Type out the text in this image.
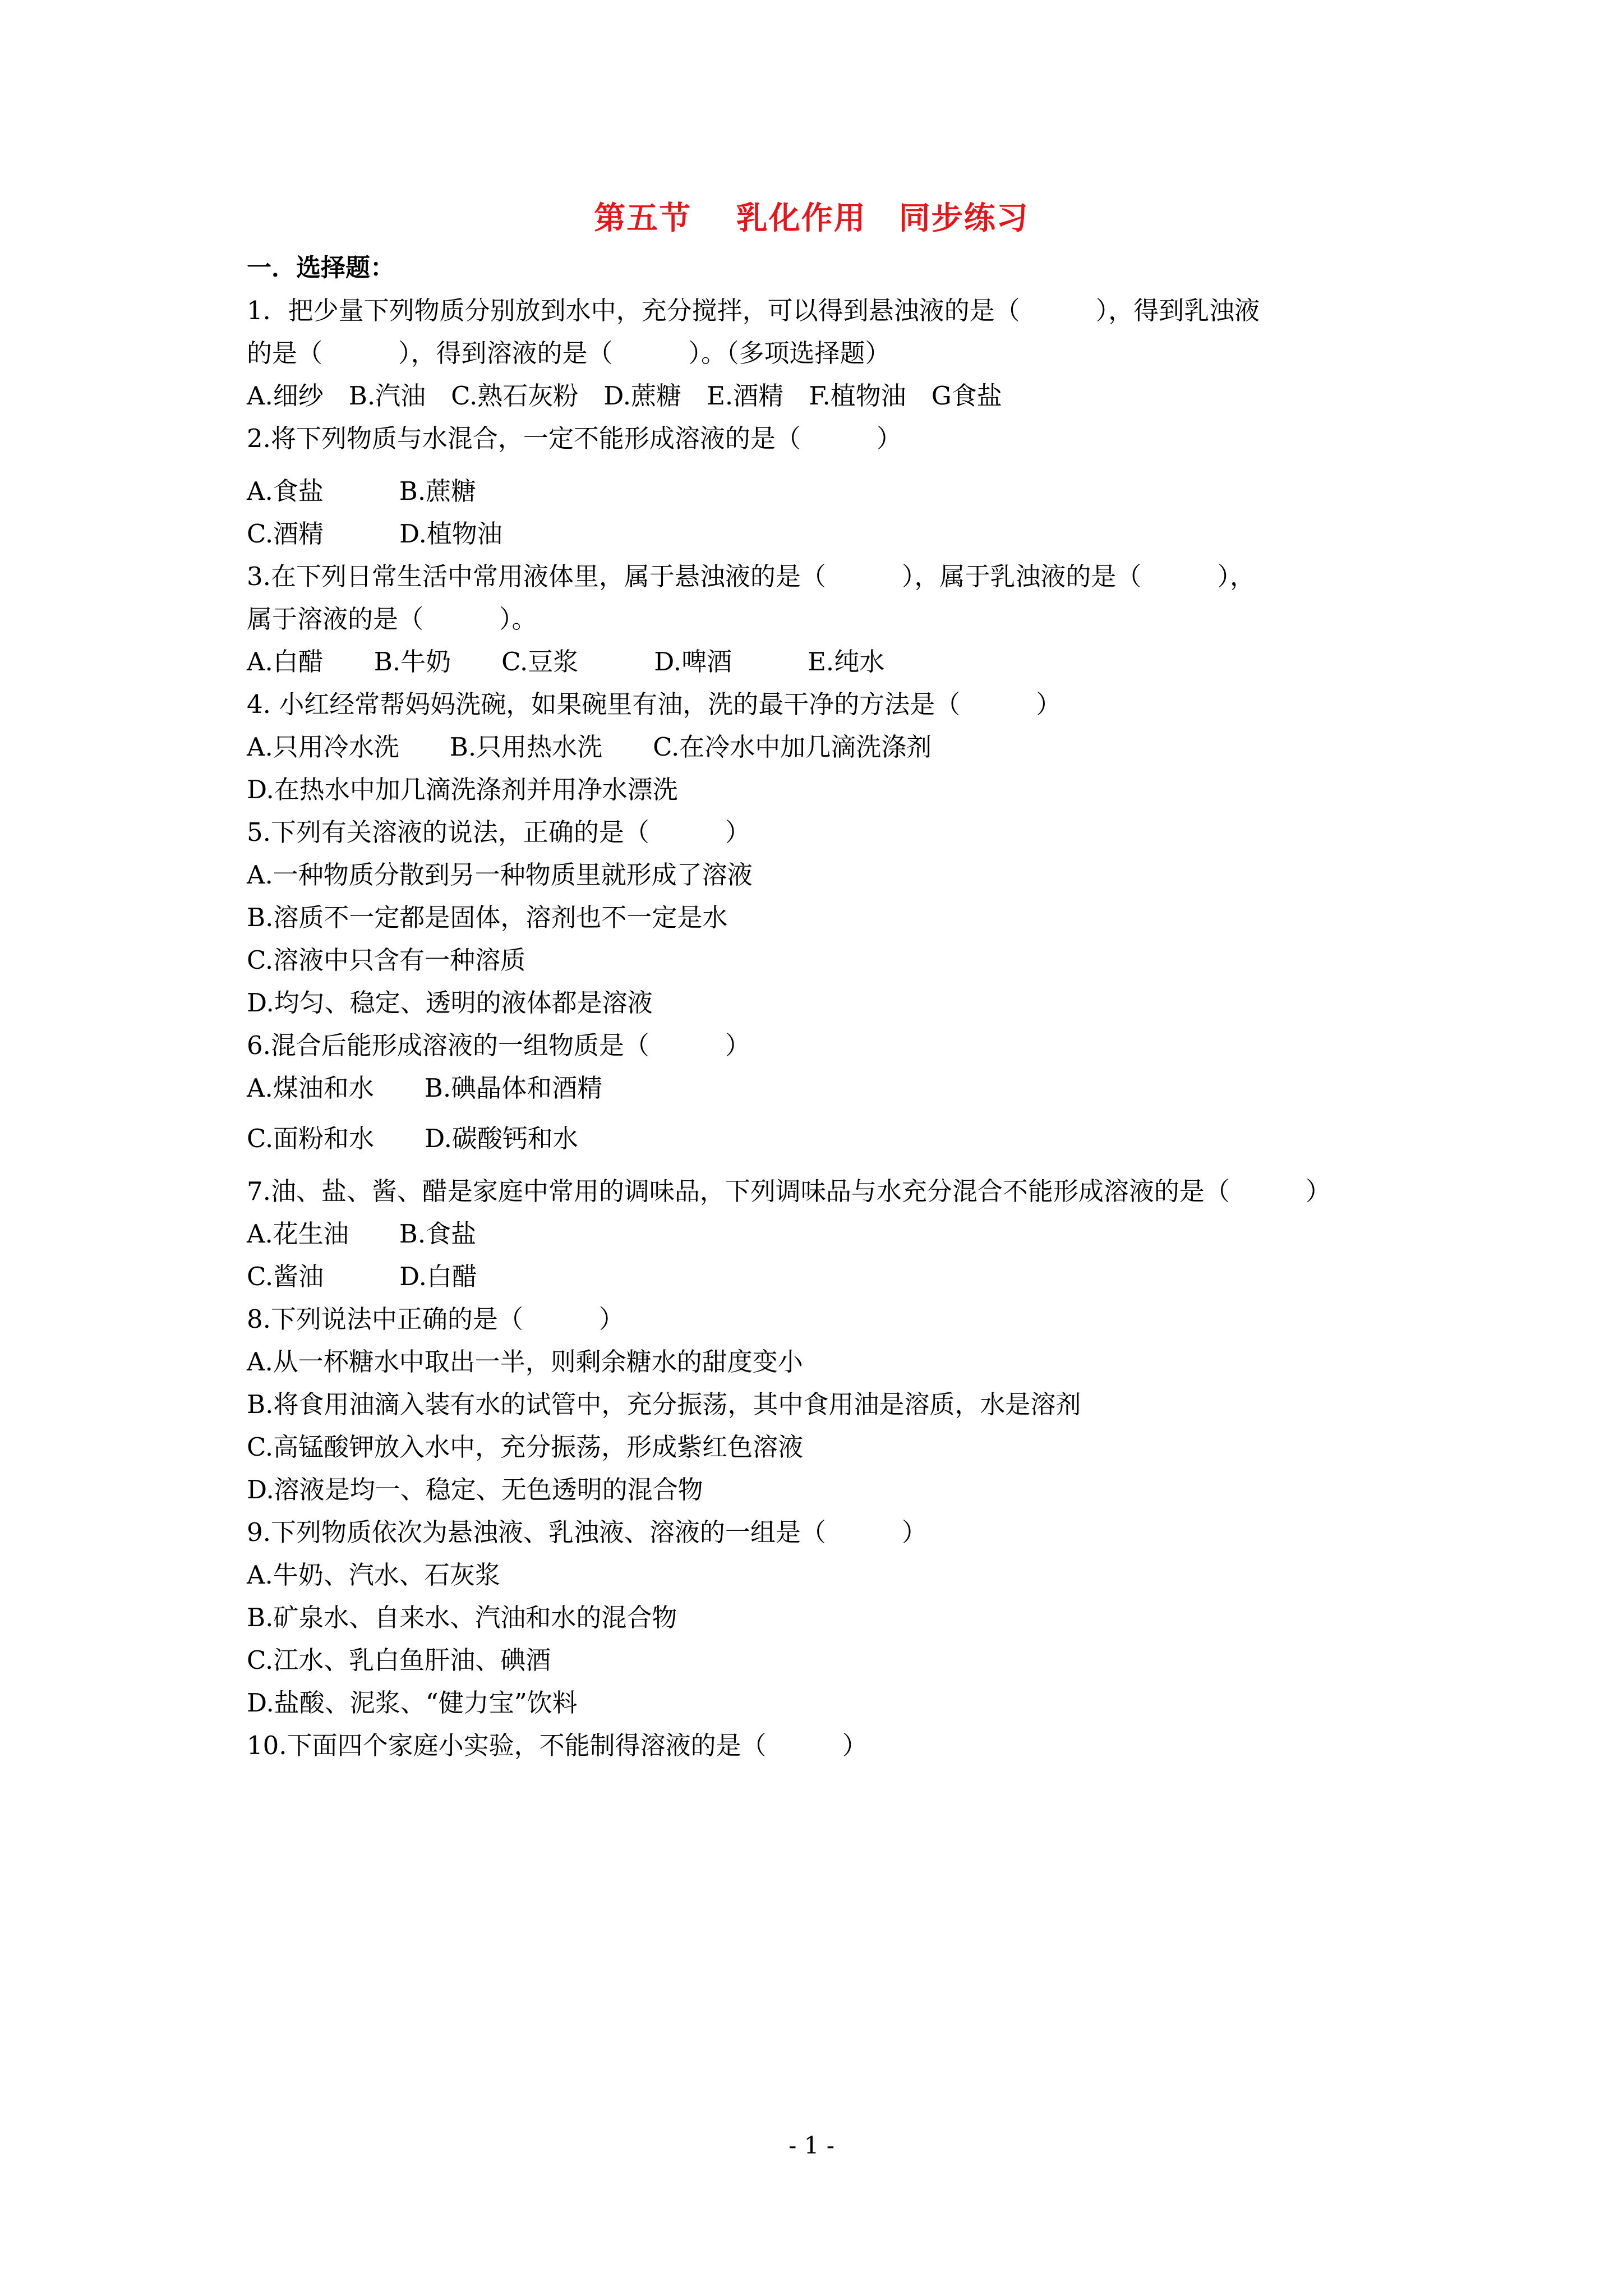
第五节　 乳化作用　同步练习

一．选择题：

1．把少量下列物质分别放到水中，充分搅拌，可以得到悬浊液的是（　　　），得到乳浊液

的是（　　　），得到溶液的是（　　　）。（多项选择题）

A.细纱　B.汽油　C.熟石灰粉　D.蔗糖　E.酒精　F.植物油　G食盐

2.将下列物质与水混合，一定不能形成溶液的是（　　　）

A.食盐　　　B.蔗糖

C.酒精　　　D.植物油

3.在下列日常生活中常用液体里，属于悬浊液的是（　　　），属于乳浊液的是（　　　），

属于溶液的是（　　　）。

A.白醋　　B.牛奶　　C.豆浆　　　D.啤酒　　　E.纯水

4. 小红经常帮妈妈洗碗，如果碗里有油，洗的最干净的方法是（　　　）

A.只用冷水洗　　B.只用热水洗　　C.在冷水中加几滴洗涤剂

D.在热水中加几滴洗涤剂并用净水漂洗

5.下列有关溶液的说法，正确的是（　　　）

A.一种物质分散到另一种物质里就形成了溶液

B.溶质不一定都是固体，溶剂也不一定是水

C.溶液中只含有一种溶质

D.均匀、稳定、透明的液体都是溶液

6.混合后能形成溶液的一组物质是（　　　）

A.煤油和水　　B.碘晶体和酒精

C.面粉和水　　D.碳酸钙和水

7.油、盐、酱、醋是家庭中常用的调味品，下列调味品与水充分混合不能形成溶液的是（　　　）

A.花生油　　B.食盐

C.酱油　　　D.白醋

8.下列说法中正确的是（　　　）

A.从一杯糖水中取出一半，则剩余糖水的甜度变小

B.将食用油滴入装有水的试管中，充分振荡，其中食用油是溶质，水是溶剂

C.高锰酸钾放入水中，充分振荡，形成紫红色溶液

D.溶液是均一、稳定、无色透明的混合物

9.下列物质依次为悬浊液、乳浊液、溶液的一组是（　　　）

A.牛奶、汽水、石灰浆

B.矿泉水、自来水、汽油和水的混合物

C.江水、乳白鱼肝油、碘酒

D.盐酸、泥浆、“健力宝”饮料

10.下面四个家庭小实验，不能制得溶液的是（　　　）

- 1 -
